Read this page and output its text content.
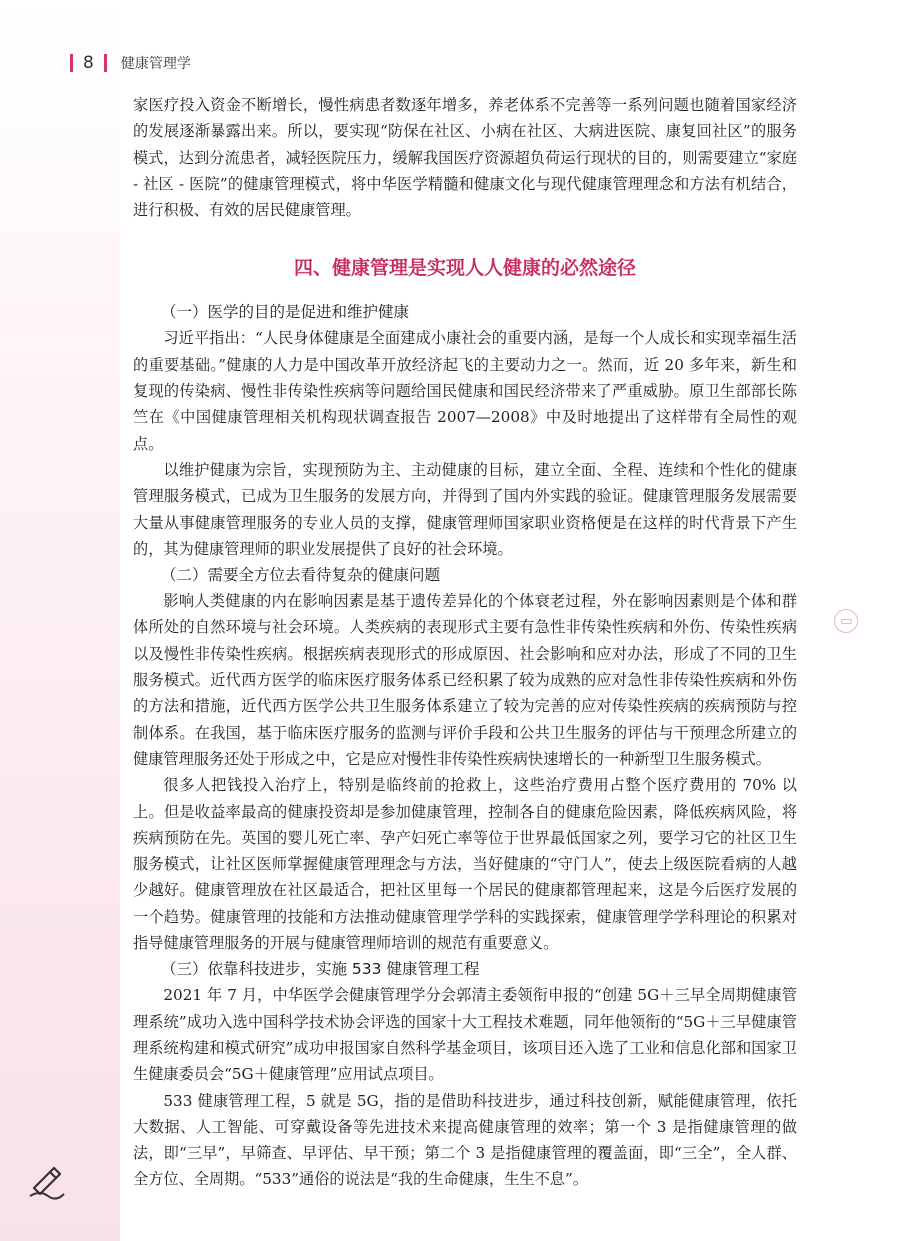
8 健康管理学

家医疗投入资金不断增长，慢性病患者数逐年增多，养老体系不完善等一系列问题也随着国家经济的发展逐渐暴露出来。所以，要实现“防保在社区、小病在社区、大病进医院、康复回社区”的服务模式，达到分流患者，减轻医院压力，缓解我国医疗资源超负荷运行现状的目的，则需要建立“家庭 - 社区 - 医院”的健康管理模式，将中华医学精髓和健康文化与现代健康管理理念和方法有机结合，进行积极、有效的居民健康管理。

四、健康管理是实现人人健康的必然途径
（一）医学的目的是促进和维护健康

习近平指出：“人民身体健康是全面建成小康社会的重要内涵，是每一个人成长和实现幸福生活的重要基础。”健康的人力是中国改革开放经济起飞的主要动力之一。然而，近 20 多年来，新生和复现的传染病、慢性非传染性疾病等问题给国民健康和国民经济带来了严重威胁。原卫生部部长陈竺在《中国健康管理相关机构现状调查报告 2007—2008》中及时地提出了这样带有全局性的观点。

以维护健康为宗旨，实现预防为主、主动健康的目标，建立全面、全程、连续和个性化的健康管理服务模式，已成为卫生服务的发展方向，并得到了国内外实践的验证。健康管理服务发展需要大量从事健康管理服务的专业人员的支撑，健康管理师国家职业资格便是在这样的时代背景下产生的，其为健康管理师的职业发展提供了良好的社会环境。

（二）需要全方位去看待复杂的健康问题

影响人类健康的内在影响因素是基于遗传差异化的个体衰老过程，外在影响因素则是个体和群体所处的自然环境与社会环境。人类疾病的表现形式主要有急性非传染性疾病和外伤、传染性疾病以及慢性非传染性疾病。根据疾病表现形式的形成原因、社会影响和应对办法，形成了不同的卫生服务模式。近代西方医学的临床医疗服务体系已经积累了较为成熟的应对急性非传染性疾病和外伤的方法和措施，近代西方医学公共卫生服务体系建立了较为完善的应对传染性疾病的疾病预防与控制体系。在我国，基于临床医疗服务的监测与评价手段和公共卫生服务的评估与干预理念所建立的健康管理服务还处于形成之中，它是应对慢性非传染性疾病快速增长的一种新型卫生服务模式。

很多人把钱投入治疗上，特别是临终前的抢救上，这些治疗费用占整个医疗费用的 70% 以上。但是收益率最高的健康投资却是参加健康管理，控制各自的健康危险因素，降低疾病风险，将疾病预防在先。英国的婴儿死亡率、孕产妇死亡率等位于世界最低国家之列，要学习它的社区卫生服务模式，让社区医师掌握健康管理理念与方法，当好健康的“守门人”，使去上级医院看病的人越少越好。健康管理放在社区最适合，把社区里每一个居民的健康都管理起来，这是今后医疗发展的一个趋势。健康管理的技能和方法推动健康管理学学科的实践探索，健康管理学学科理论的积累对指导健康管理服务的开展与健康管理师培训的规范有重要意义。

（三）依靠科技进步，实施 533 健康管理工程

2021 年 7 月，中华医学会健康管理学分会郭清主委领衔申报的“创建 5G＋三早全周期健康管理系统”成功入选中国科学技术协会评选的国家十大工程技术难题，同年他领衔的“5G＋三早健康管理系统构建和模式研究”成功申报国家自然科学基金项目，该项目还入选了工业和信息化部和国家卫生健康委员会“5G＋健康管理”应用试点项目。

533 健康管理工程，5 就是 5G，指的是借助科技进步，通过科技创新，赋能健康管理，依托大数据、人工智能、可穿戴设备等先进技术来提高健康管理的效率；第一个 3 是指健康管理的做法，即“三早”，早筛查、早评估、早干预；第二个 3 是指健康管理的覆盖面，即“三全”，全人群、全方位、全周期。“533”通俗的说法是“我的生命健康，生生不息”。
